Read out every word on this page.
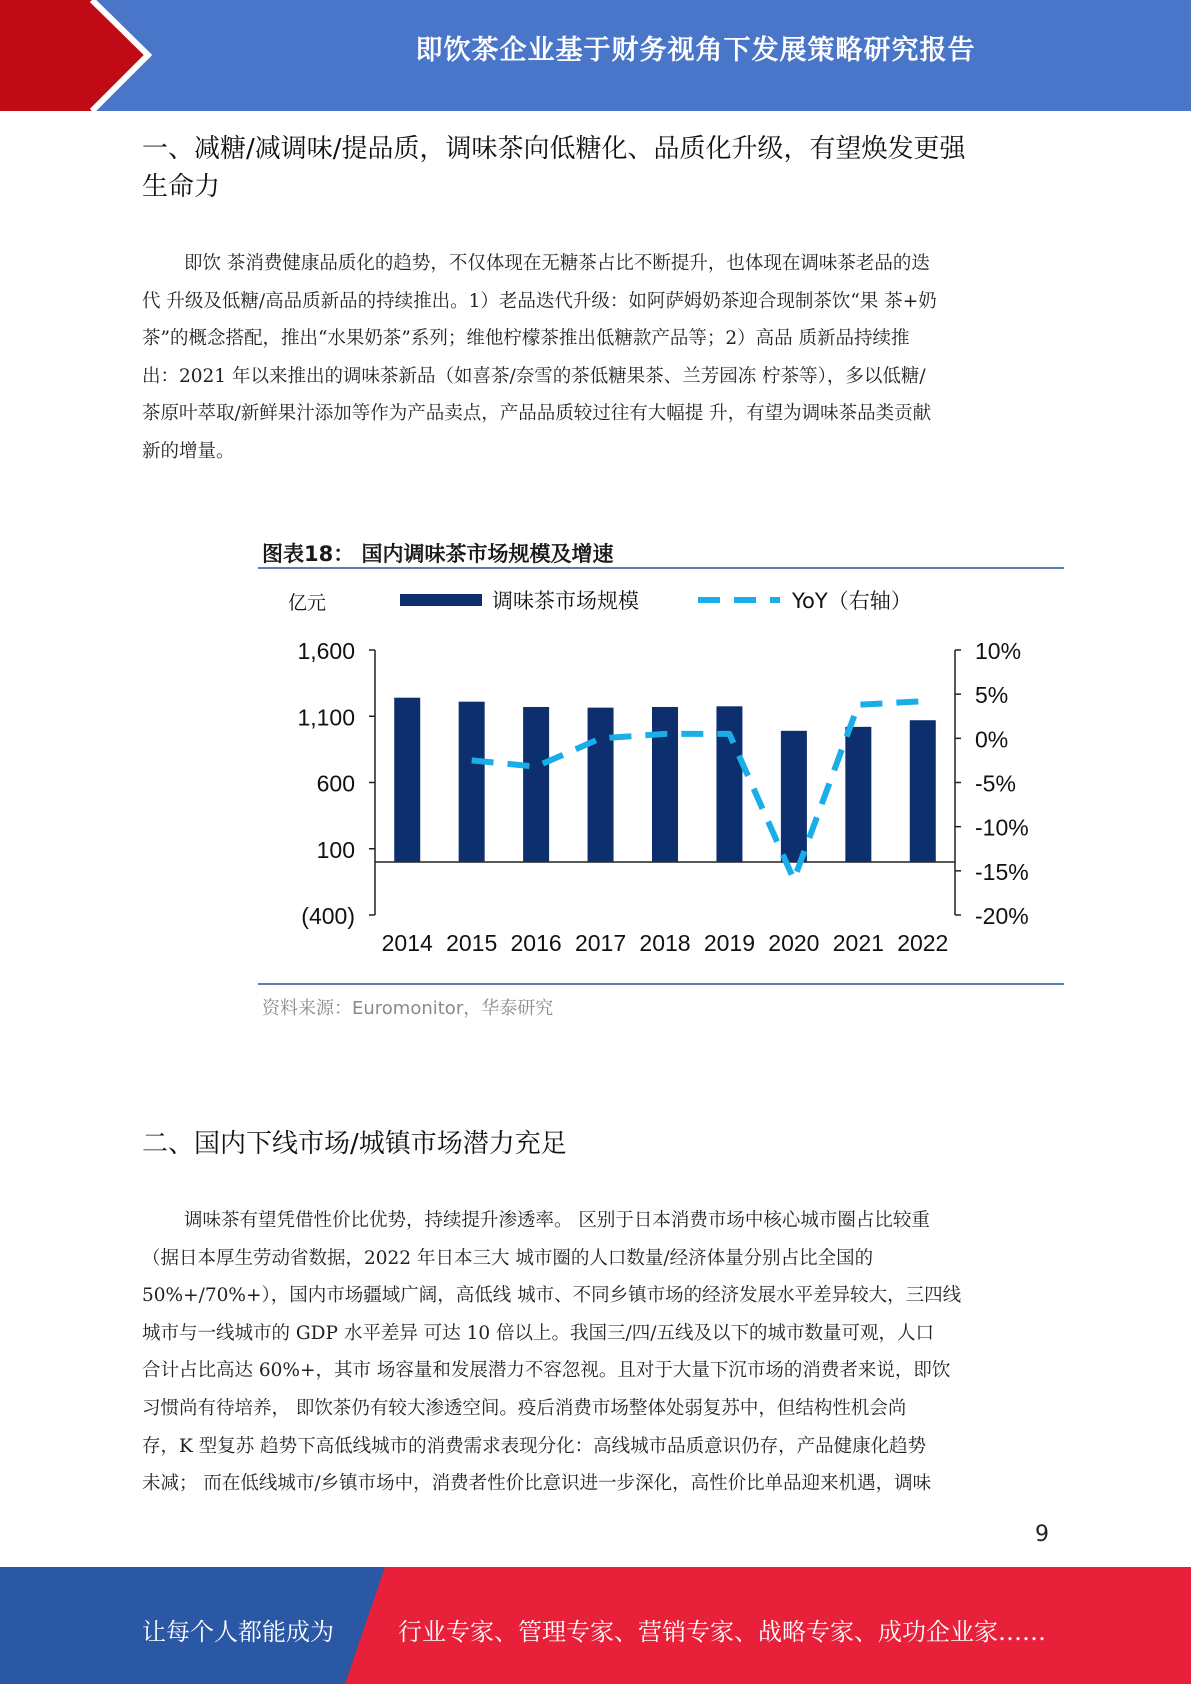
即饮茶企业基于财务视角下发展策略研究报告
一、减糖/减调味/提品质，调味茶向低糖化、品质化升级，有望焕发更强
生命力
即饮 茶消费健康品质化的趋势，不仅体现在无糖茶占比不断提升，也体现在调味茶老品的迭
代 升级及低糖/高品质新品的持续推出。1）老品迭代升级：如阿萨姆奶茶迎合现制茶饮“果 茶+奶
茶”的概念搭配，推出“水果奶茶”系列；维他柠檬茶推出低糖款产品等；2）高品 质新品持续推
出：2021 年以来推出的调味茶新品（如喜茶/奈雪的茶低糖果茶、兰芳园冻 柠茶等），多以低糖/
茶原叶萃取/新鲜果汁添加等作为产品卖点，产品品质较过往有大幅提 升，有望为调味茶品类贡献
新的增量。
图表18： 国内调味茶市场规模及增速
1,600
1,100
600
100
(400)
10%
5%
0%
-5%
-10%
-15%
-20%
2014 2015 2016 2017 2018 2019 2020 2021 2022
亿元	调味茶市场规模	YoY（右轴）
资料来源：Euromonitor，华泰研究
二、国内下线市场/城镇市场潜力充足
调味茶有望凭借性价比优势，持续提升渗透率。 区别于日本消费市场中核心城市圈占比较重
（据日本厚生劳动省数据，2022 年日本三大 城市圈的人口数量/经济体量分别占比全国的
50%+/70%+），国内市场疆域广阔，高低线 城市、不同乡镇市场的经济发展水平差异较大，三四线
城市与一线城市的 GDP 水平差异 可达 10 倍以上。我国三/四/五线及以下的城市数量可观，人口
合计占比高达 60%+，其市 场容量和发展潜力不容忽视。且对于大量下沉市场的消费者来说，即饮
习惯尚有待培养， 即饮茶仍有较大渗透空间。疫后消费市场整体处弱复苏中，但结构性机会尚
存，K 型复苏 趋势下高低线城市的消费需求表现分化：高线城市品质意识仍存，产品健康化趋势
未减； 而在低线城市/乡镇市场中，消费者性价比意识进一步深化，高性价比单品迎来机遇，调味
9
让每个人都能成为	行业专家、管理专家、营销专家、战略专家、成功企业家……
